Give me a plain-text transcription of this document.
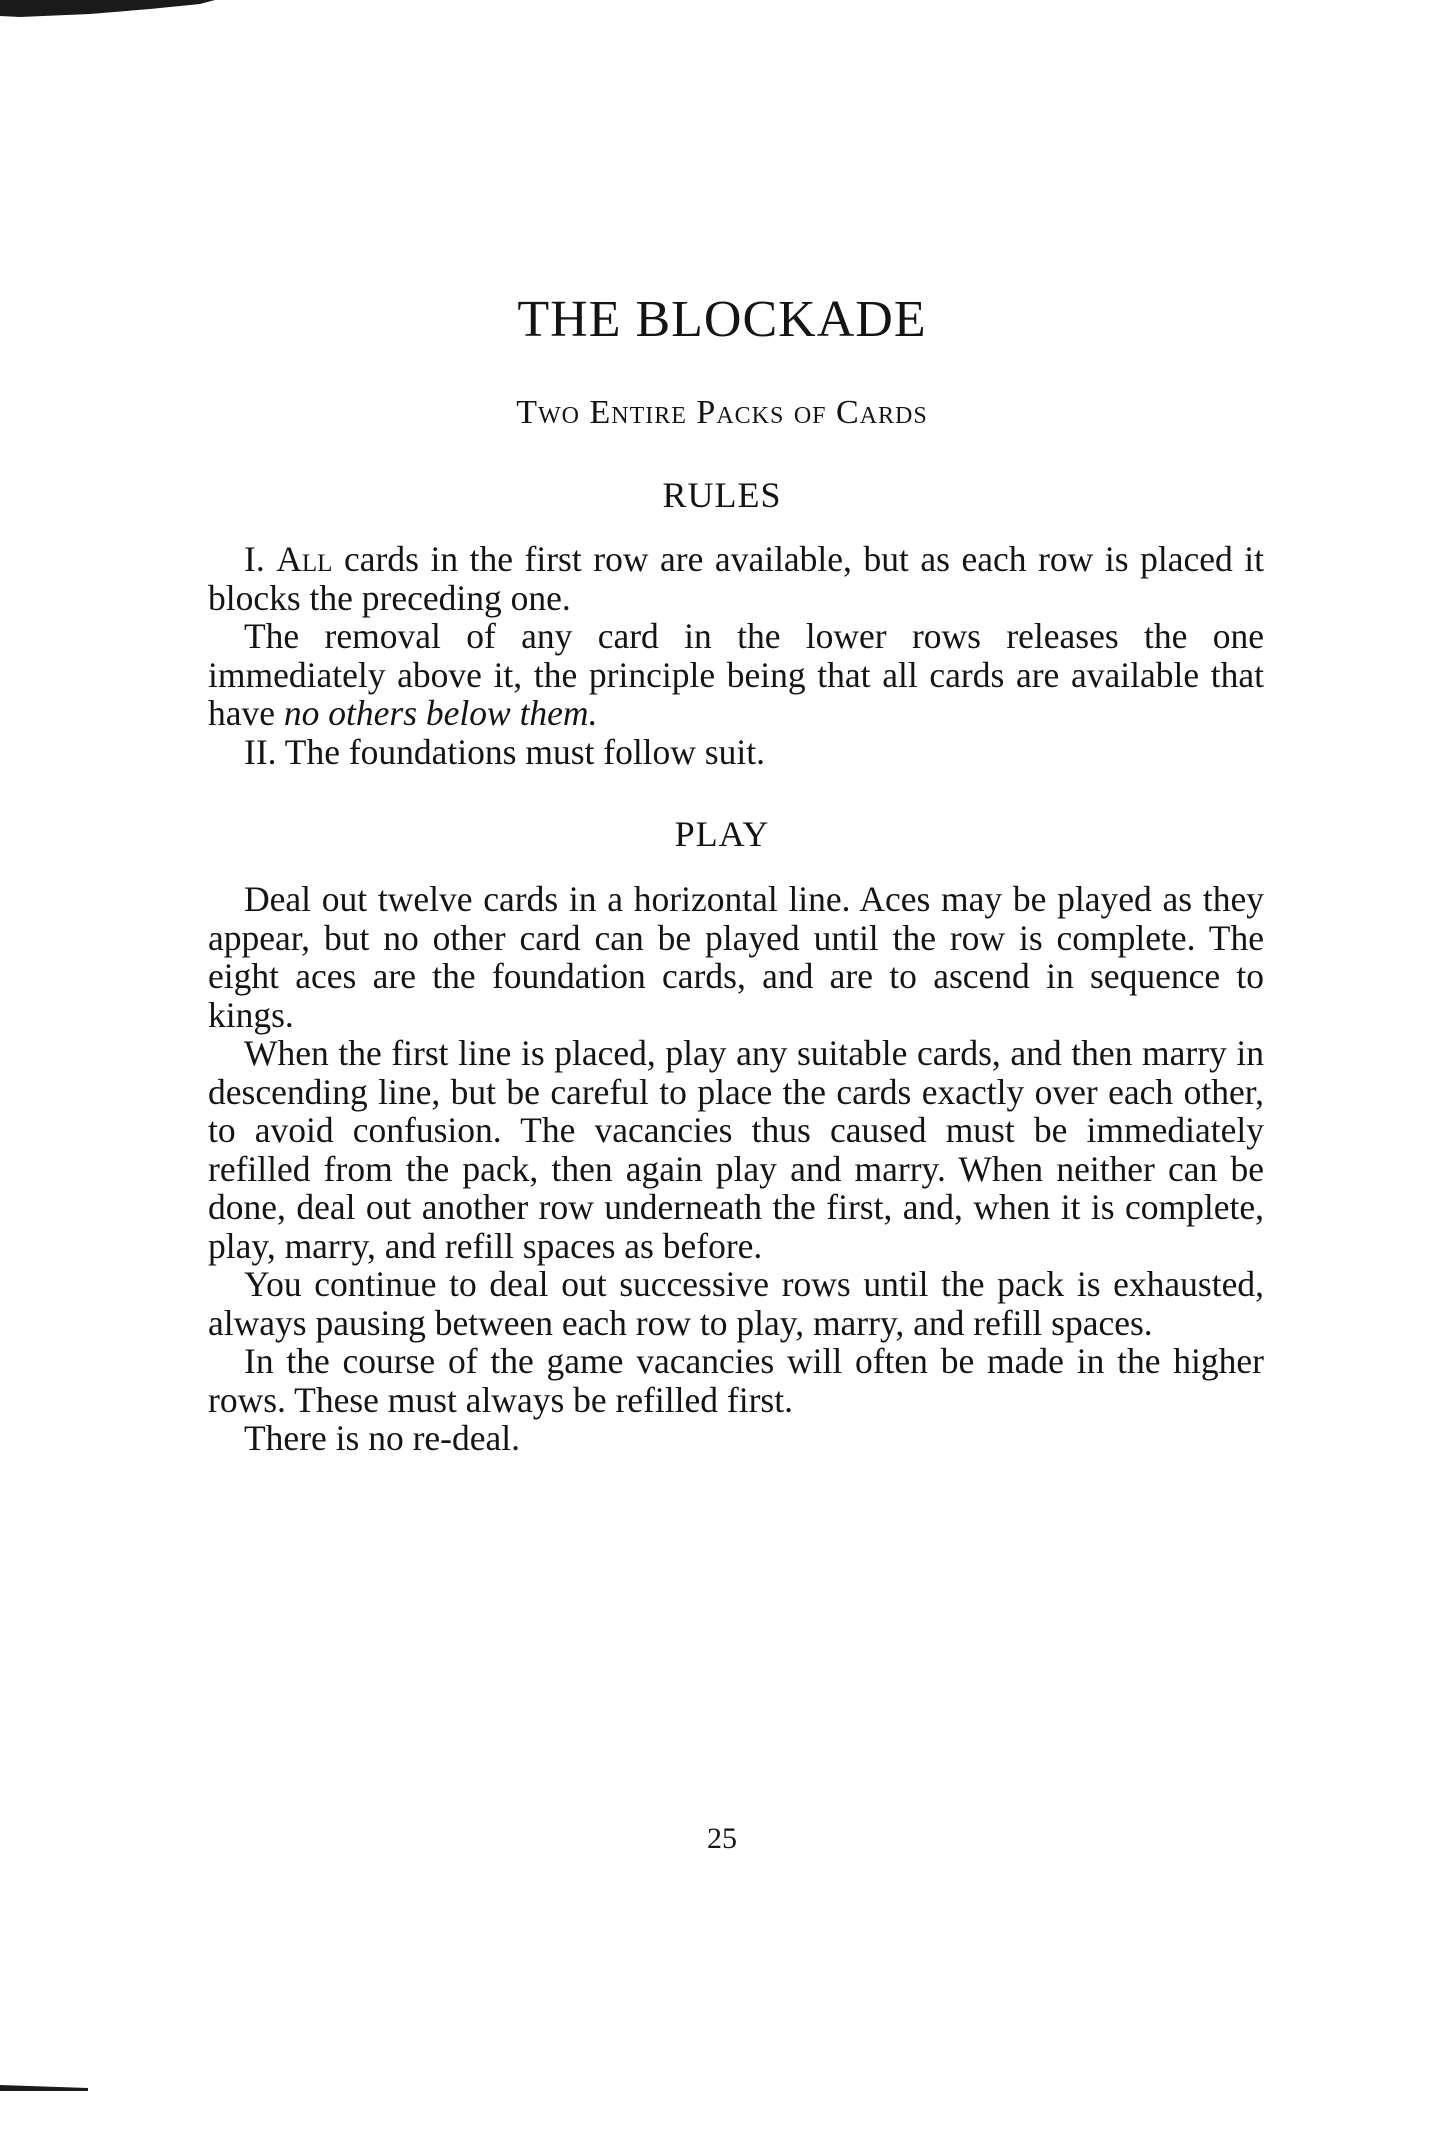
THE BLOCKADE
Two Entire Packs of Cards
RULES

I. All cards in the first row are available, but as each row is placed it blocks the preceding one.

The removal of any card in the lower rows releases the one immediately above it, the principle being that all cards are available that have no others below them.

II. The foundations must follow suit.

PLAY

Deal out twelve cards in a horizontal line. Aces may be played as they appear, but no other card can be played until the row is complete. The eight aces are the foundation cards, and are to ascend in sequence to kings.

When the first line is placed, play any suitable cards, and then marry in descending line, but be careful to place the cards exactly over each other, to avoid confusion. The vacancies thus caused must be immediately refilled from the pack, then again play and marry. When neither can be done, deal out another row underneath the first, and, when it is complete, play, marry, and refill spaces as before.

You continue to deal out successive rows until the pack is exhausted, always pausing between each row to play, marry, and refill spaces.

In the course of the game vacancies will often be made in the higher rows. These must always be refilled first.

There is no re-deal.

25
